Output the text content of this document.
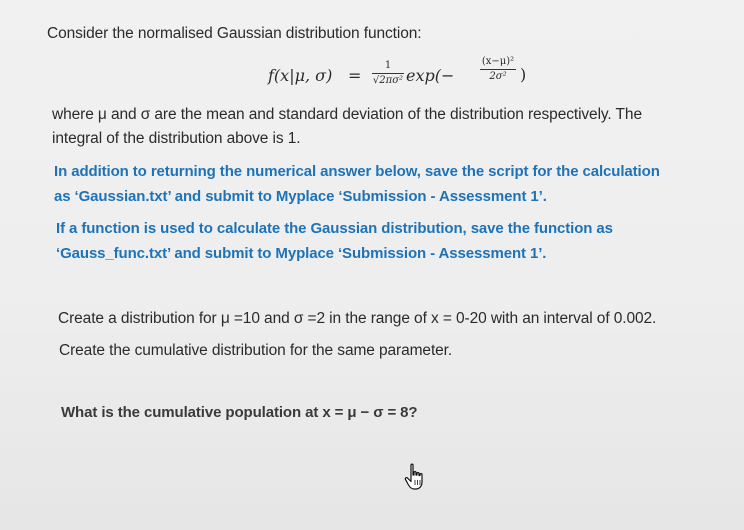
Consider the normalised Gaussian distribution function:
f(x|μ, σ) =
1
√2πσ² exp(−
(x−μ)²
2σ² )
where μ and σ are the mean and standard deviation of the distribution respectively. The
integral of the distribution above is 1.
In addition to returning the numerical answer below, save the script for the calculation
as ‘Gaussian.txt’ and submit to Myplace ‘Submission - Assessment 1’.
If a function is used to calculate the Gaussian distribution, save the function as
‘Gauss_func.txt’ and submit to Myplace ‘Submission - Assessment 1’.
Create a distribution for μ =10 and σ =2 in the range of x = 0-20 with an interval of 0.002.
Create the cumulative distribution for the same parameter.
What is the cumulative population at x = μ − σ = 8?
